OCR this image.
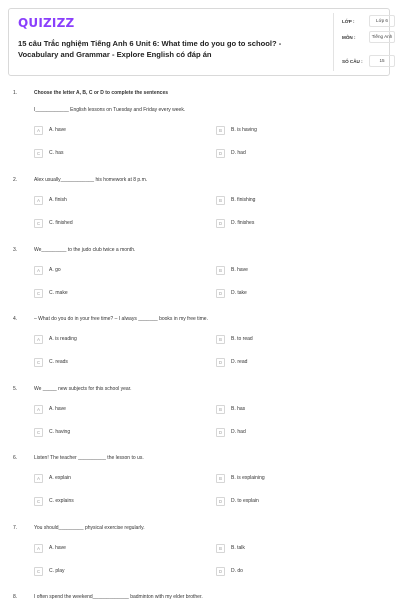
QUIZIZZ
15 câu Trắc nghiệm Tiếng Anh 6 Unit 6: What time do you go to school? - Vocabulary and Grammar - Explore English có đáp án
LỚP :	Lớp 6
MÔN :	Tiếng Anh
SỐ CÂU :	15
1.	Choose the letter A, B, C or D to complete the sentences
I____________ English lessons on Tuesday and Friday every week.
A	A. have	B	B. is having
C	C. has	D	D. had
2.	Alex usually____________ his homework at 8 p.m.
A	A. finish	B	B. finishing
C	C. finished	D	D. finishes
3.	We_________ to the judo club twice a month.
A	A. go	B	B. have
C	C. make	D	D. take
4.	– What do you do in your free time? – I always _______ books in my free time.
A	A. is reading	B	B. to read
C	C. reads	D	D. read
5.	We _____ new subjects for this school year.
A	A. have	B	B. has
C	C. having	D	D. had
6.	Listen! The teacher __________ the lesson to us.
A	A. explain	B	B. is explaining
C	C. explains	D	D. to explain
7.	You should_________ physical exercise regularly.
A	A. have	B	B. talk
C	C. play	D	D. do
8.	I often spend the weekend_____________ badminton with my elder brother.
